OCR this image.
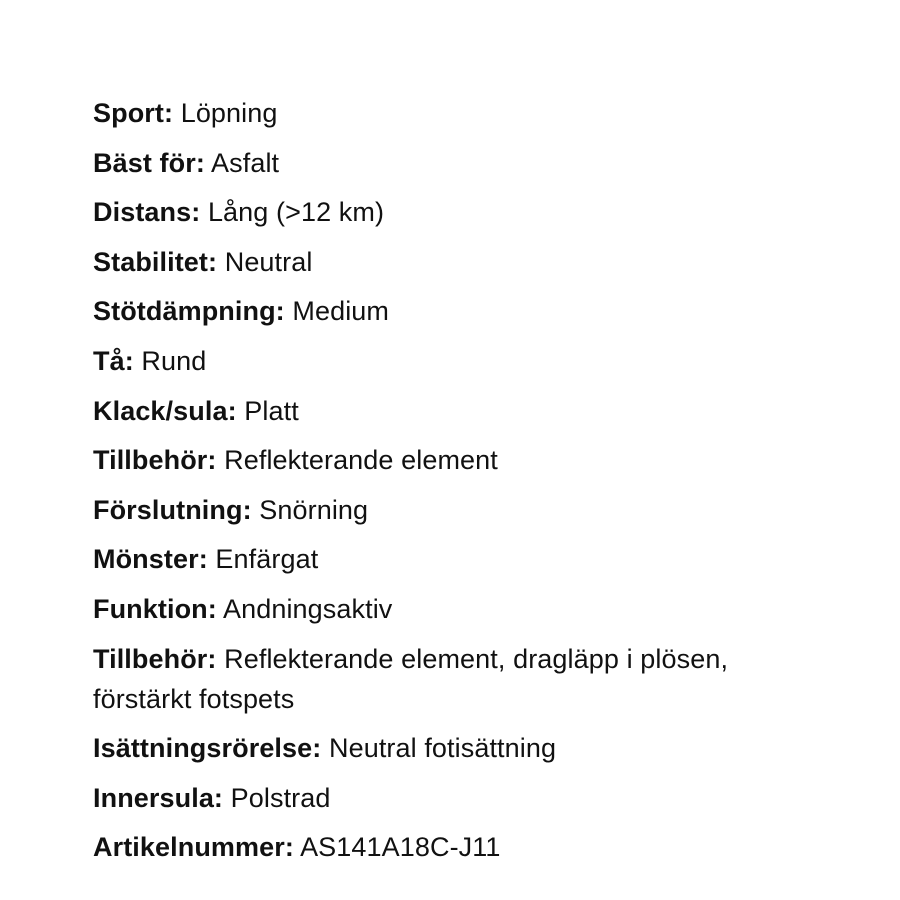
Sport: Löpning
Bäst för: Asfalt
Distans: Lång (>12 km)
Stabilitet: Neutral
Stötdämpning: Medium
Tå: Rund
Klack/sula: Platt
Tillbehör: Reflekterande element
Förslutning: Snörning
Mönster: Enfärgat
Funktion: Andningsaktiv
Tillbehör: Reflekterande element, dragläpp i plösen,
förstärkt fotspets
Isättningsrörelse: Neutral fotisättning
Innersula: Polstrad
Artikelnummer: AS141A18C-J11
